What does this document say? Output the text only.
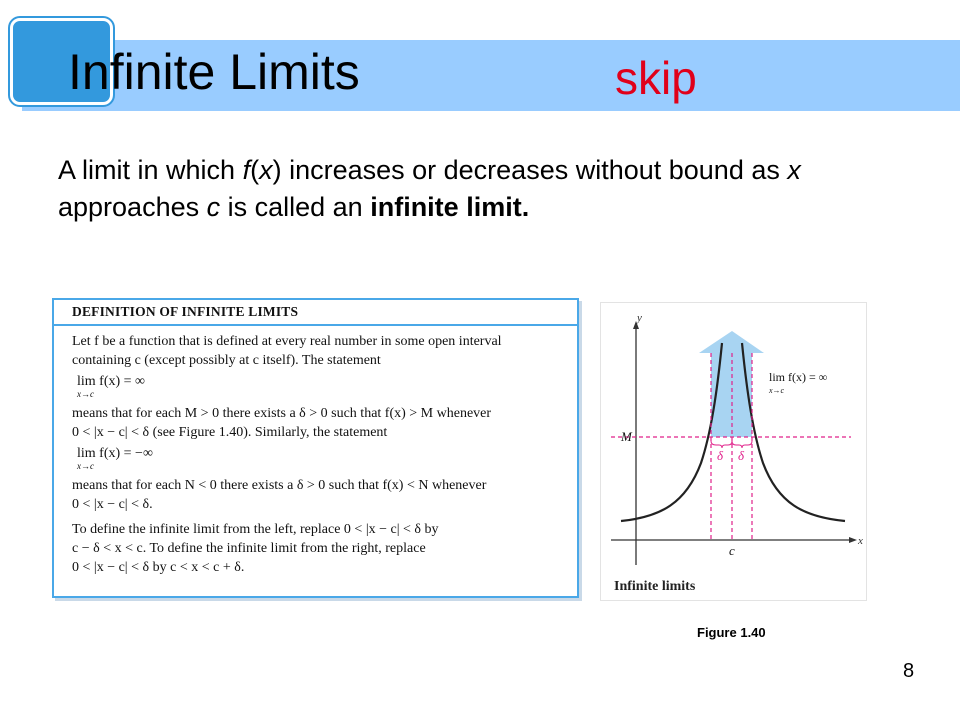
Infinite Limits	skip
A limit in which f(x) increases or decreases without bound as x approaches c is called an infinite limit.
DEFINITION OF INFINITE LIMITS
Let f be a function that is defined at every real number in some open interval
containing c (except possibly at c itself). The statement
lim f(x) = ∞
x→c
means that for each M > 0 there exists a δ > 0 such that f(x) > M whenever
0 < |x − c| < δ (see Figure 1.40). Similarly, the statement
lim f(x) = −∞
x→c
means that for each N < 0 there exists a δ > 0 such that f(x) < N whenever
0 < |x − c| < δ.
To define the infinite limit from the left, replace 0 < |x − c| < δ by
c − δ < x < c. To define the infinite limit from the right, replace
0 < |x − c| < δ by c < x < c + δ.
y
x
M
c
δ δ
lim f(x) = ∞
x→c
Infinite limits
Figure 1.40
8
